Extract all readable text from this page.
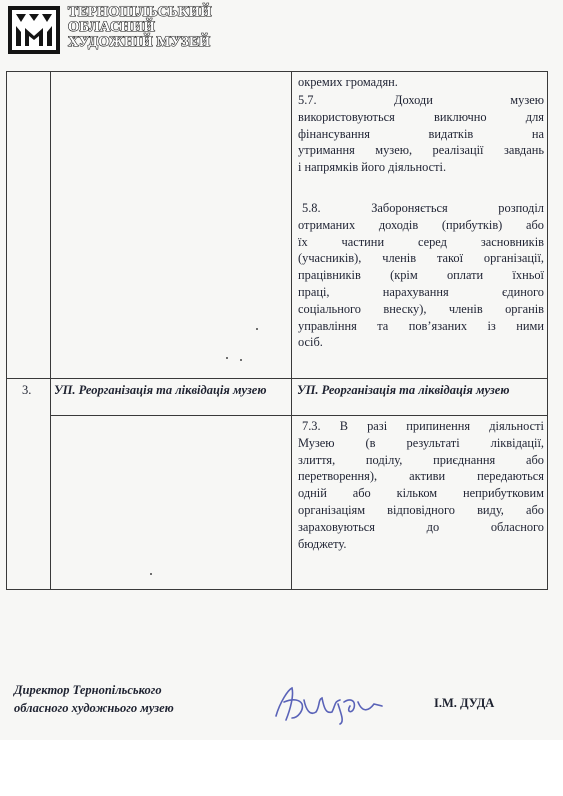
ТЕРНОПІЛЬСЬКИЙ
ОБЛАСНИЙ
ХУДОЖНІЙ МУЗЕЙ
окремих громадян.
5.7. Доходи музею
використовуються виключно для
фінансування видатків на
утримання музею, реалізації завдань
і напрямків його діяльності.
5.8. Забороняється розподіл
отриманих доходів (прибутків) або
їх частини серед засновників
(учасників), членів такої організації,
працівників (крім оплати їхньої
праці, нарахування єдиного
соціального внеску), членів органів
управління та пов’язаних із ними
осіб.
3. УП. Реорганізація та ліквідація музею	УП. Реорганізація та ліквідація музею
7.3. В разі припинення діяльності
Музею (в результаті ліквідації,
злиття, поділу, приєднання або
перетворення), активи передаються
одній або кільком неприбутковим
організаціям відповідного виду, або
зараховуються до обласного
бюджету.
Директор Тернопільського
обласного художнього музею	І.М. ДУДА
